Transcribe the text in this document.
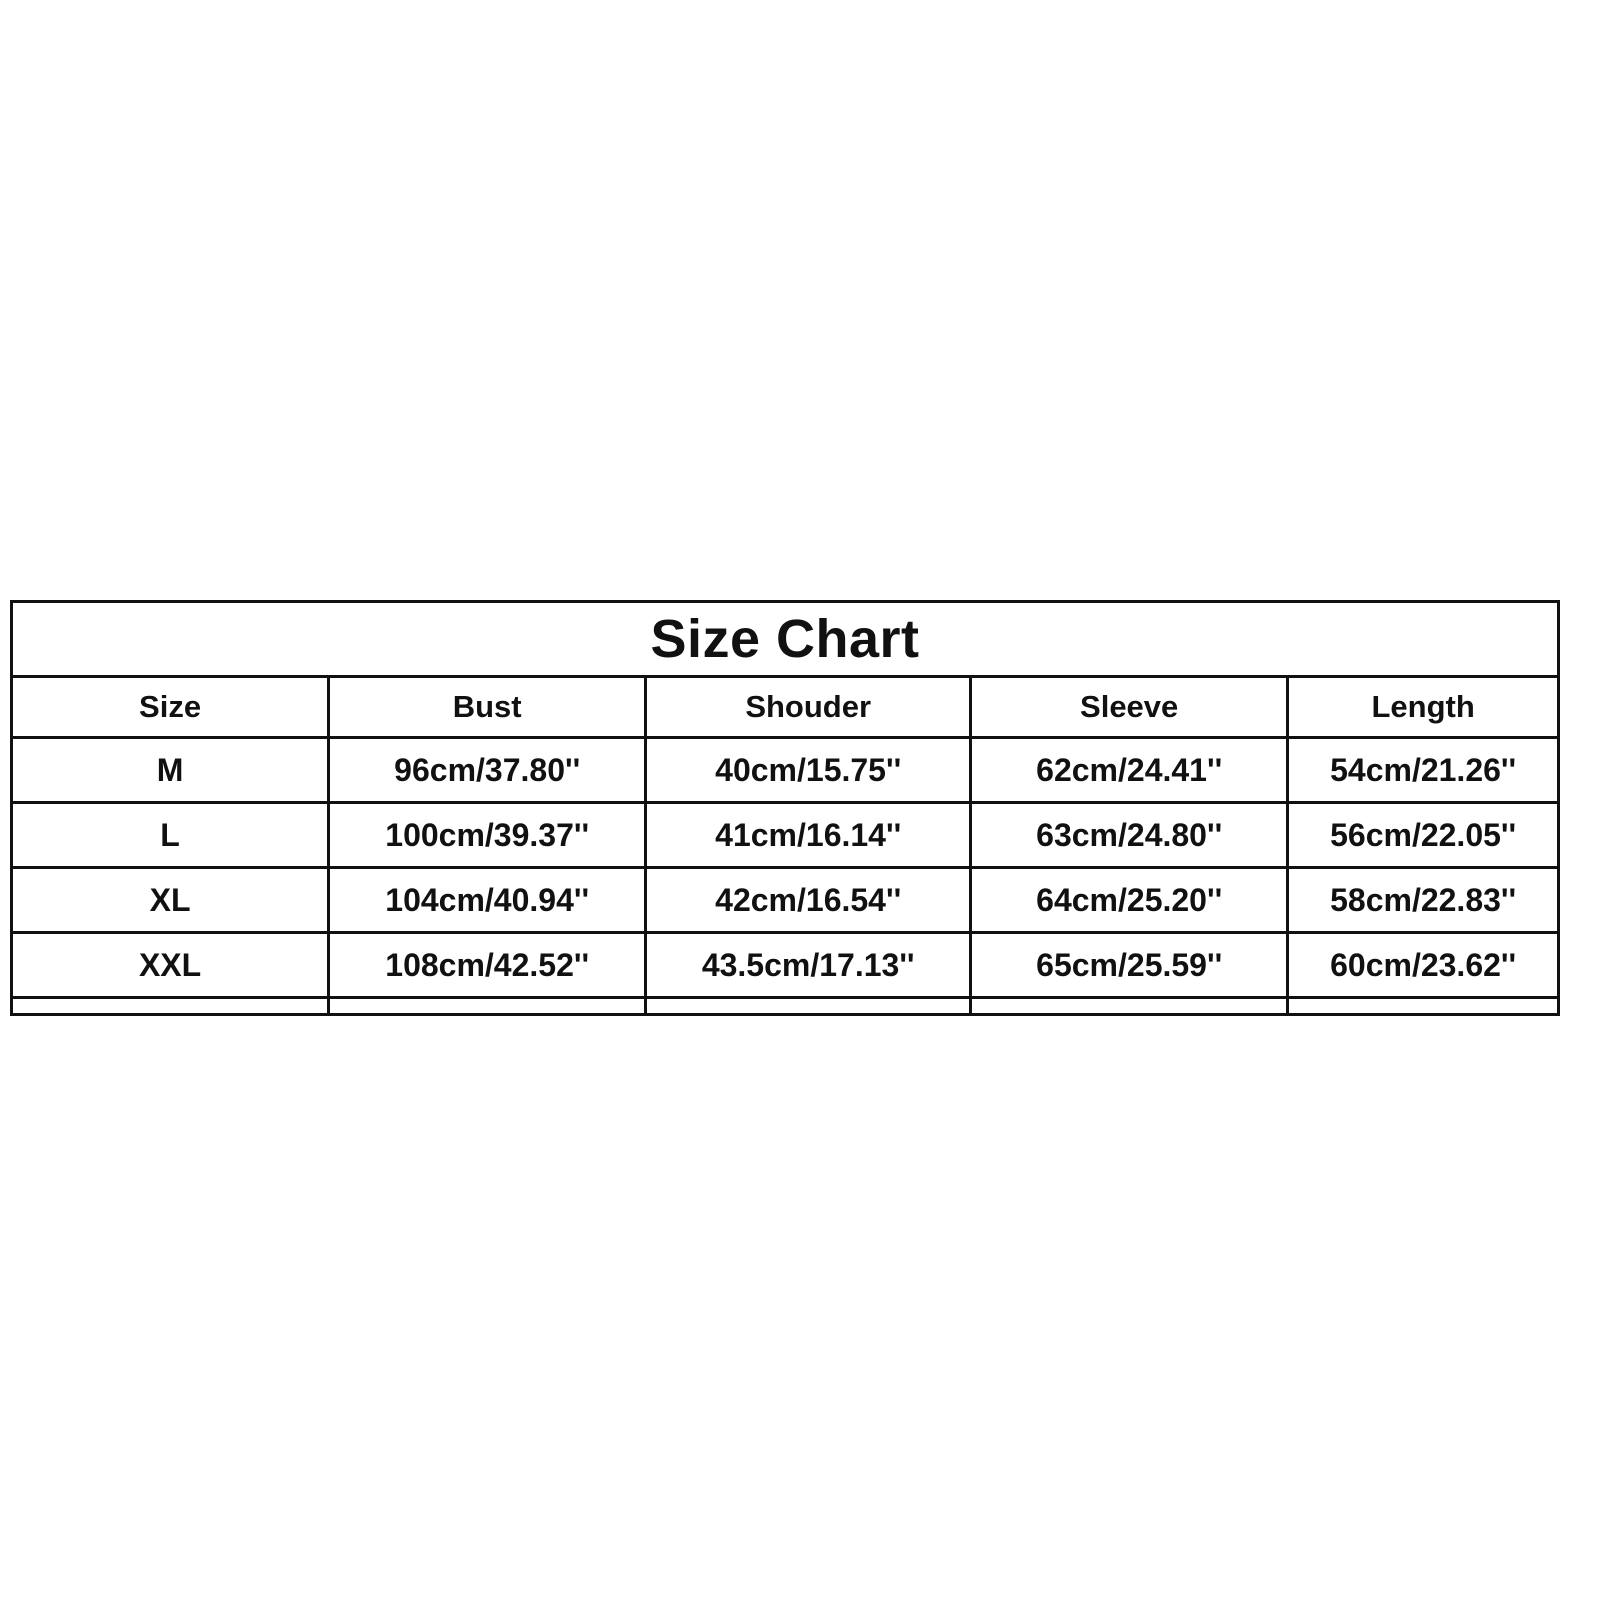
Size Chart				
Size	Bust	Shouder	Sleeve	Length
M	96cm/37.80''	40cm/15.75''	62cm/24.41''	54cm/21.26''
L	100cm/39.37''	41cm/16.14''	63cm/24.80''	56cm/22.05''
XL	104cm/40.94''	42cm/16.54''	64cm/25.20''	58cm/22.83''
XXL	108cm/42.52''	43.5cm/17.13''	65cm/25.59''	60cm/23.62''
